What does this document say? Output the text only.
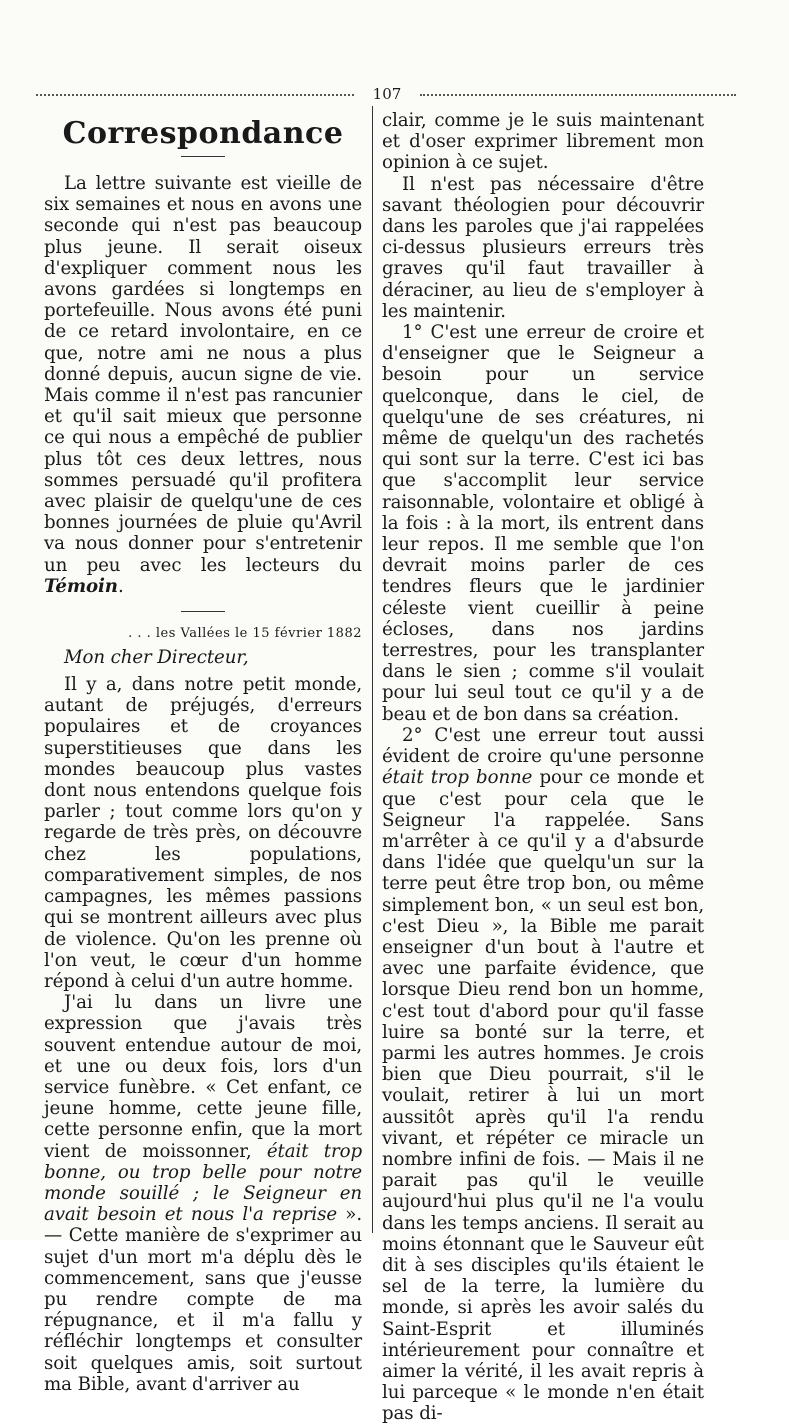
107
Correspondance

La lettre suivante est vieille de six semaines et nous en avons une seconde qui n'est pas beaucoup plus jeune. Il serait oiseux d'expliquer comment nous les avons gardées si longtemps en portefeuille. Nous avons été puni de ce retard involontaire, en ce que, notre ami ne nous a plus donné depuis, aucun signe de vie. Mais comme il n'est pas rancunier et qu'il sait mieux que personne ce qui nous a empêché de publier plus tôt ces deux lettres, nous sommes persuadé qu'il profitera avec plaisir de quelqu'une de ces bonnes journées de pluie qu'Avril va nous donner pour s'entretenir un peu avec les lecteurs du Témoin.

. . . les Vallées le 15 février 1882
Mon cher Directeur,

Il y a, dans notre petit monde, autant de préjugés, d'erreurs populaires et de croyances superstitieuses que dans les mondes beaucoup plus vastes dont nous entendons quelque fois parler ; tout comme lors qu'on y regarde de très près, on découvre chez les populations, comparativement simples, de nos campagnes, les mêmes passions qui se montrent ailleurs avec plus de violence. Qu'on les prenne où l'on veut, le cœur d'un homme répond à celui d'un autre homme.

J'ai lu dans un livre une expression que j'avais très souvent entendue autour de moi, et une ou deux fois, lors d'un service funèbre. « Cet enfant, ce jeune homme, cette jeune fille, cette personne enfin, que la mort vient de moissonner, était trop bonne, ou trop belle pour notre monde souillé ; le Seigneur en avait besoin et nous l'a reprise ». — Cette manière de s'exprimer au sujet d'un mort m'a déplu dès le commencement, sans que j'eusse pu rendre compte de ma répugnance, et il m'a fallu y réfléchir longtemps et consulter soit quelques amis, soit surtout ma Bible, avant d'arriver au

clair, comme je le suis maintenant et d'oser exprimer librement mon opinion à ce sujet.

Il n'est pas nécessaire d'être savant théologien pour découvrir dans les paroles que j'ai rappelées ci-dessus plusieurs erreurs très graves qu'il faut travailler à déraciner, au lieu de s'employer à les maintenir.

1° C'est une erreur de croire et d'enseigner que le Seigneur a besoin pour un service quelconque, dans le ciel, de quelqu'une de ses créatures, ni même de quelqu'un des rachetés qui sont sur la terre. C'est ici bas que s'accomplit leur service raisonnable, volontaire et obligé à la fois : à la mort, ils entrent dans leur repos. Il me semble que l'on devrait moins parler de ces tendres fleurs que le jardinier céleste vient cueillir à peine écloses, dans nos jardins terrestres, pour les transplanter dans le sien ; comme s'il voulait pour lui seul tout ce qu'il y a de beau et de bon dans sa création.

2° C'est une erreur tout aussi évident de croire qu'une personne était trop bonne pour ce monde et que c'est pour cela que le Seigneur l'a rappelée. Sans m'arrêter à ce qu'il y a d'absurde dans l'idée que quelqu'un sur la terre peut être trop bon, ou même simplement bon, « un seul est bon, c'est Dieu », la Bible me parait enseigner d'un bout à l'autre et avec une parfaite évidence, que lorsque Dieu rend bon un homme, c'est tout d'abord pour qu'il fasse luire sa bonté sur la terre, et parmi les autres hommes. Je crois bien que Dieu pourrait, s'il le voulait, retirer à lui un mort aussitôt après qu'il l'a rendu vivant, et répéter ce miracle un nombre infini de fois. — Mais il ne parait pas qu'il le veuille aujourd'hui plus qu'il ne l'a voulu dans les temps anciens. Il serait au moins étonnant que le Sauveur eût dit à ses disciples qu'ils étaient le sel de la terre, la lumière du monde, si après les avoir salés du Saint-Esprit et illuminés intérieurement pour connaître et aimer la vérité, il les avait repris à lui parceque « le monde n'en était pas di-
